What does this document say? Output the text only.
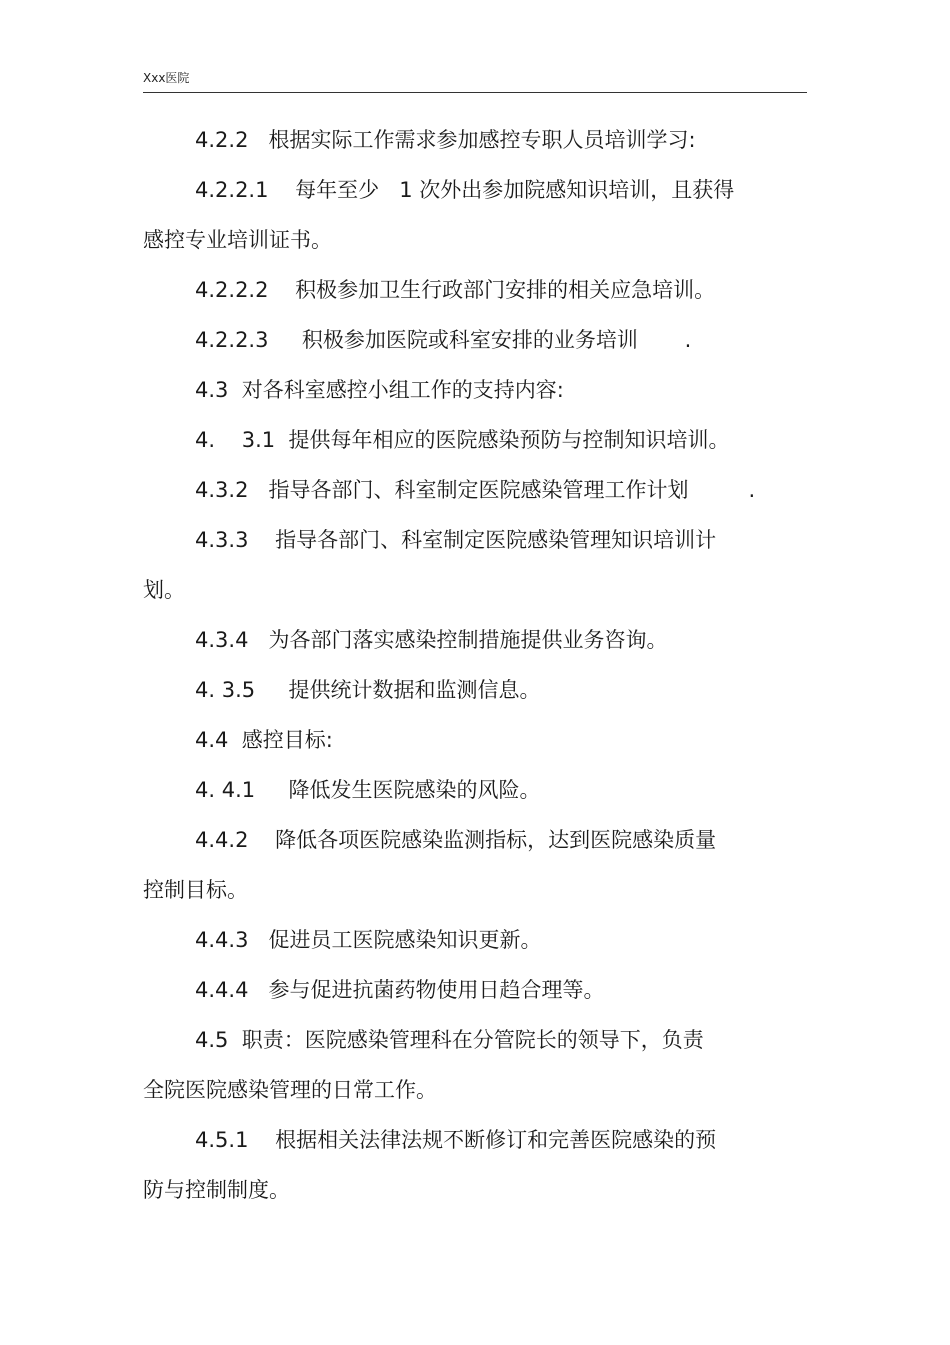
Xxx医院

4.2.2   根据实际工作需求参加感控专职人员培训学习:

4.2.2.1    每年至少   1 次外出参加院感知识培训，且获得

感控专业培训证书。

4.2.2.2    积极参加卫生行政部门安排的相关应急培训。

4.2.2.3     积极参加医院或科室安排的业务培训       .

4.3  对各科室感控小组工作的支持内容:

4.    3.1  提供每年相应的医院感染预防与控制知识培训。

4.3.2   指导各部门、科室制定医院感染管理工作计划         .

4.3.3    指导各部门、科室制定医院感染管理知识培训计

划。

4.3.4   为各部门落实感染控制措施提供业务咨询。

4. 3.5     提供统计数据和监测信息。

4.4  感控目标:

4. 4.1     降低发生医院感染的风险。

4.4.2    降低各项医院感染监测指标，达到医院感染质量

控制目标。

4.4.3   促进员工医院感染知识更新。

4.4.4   参与促进抗菌药物使用日趋合理等。

4.5  职责：医院感染管理科在分管院长的领导下，负责

全院医院感染管理的日常工作。

4.5.1    根据相关法律法规不断修订和完善医院感染的预

防与控制制度。
